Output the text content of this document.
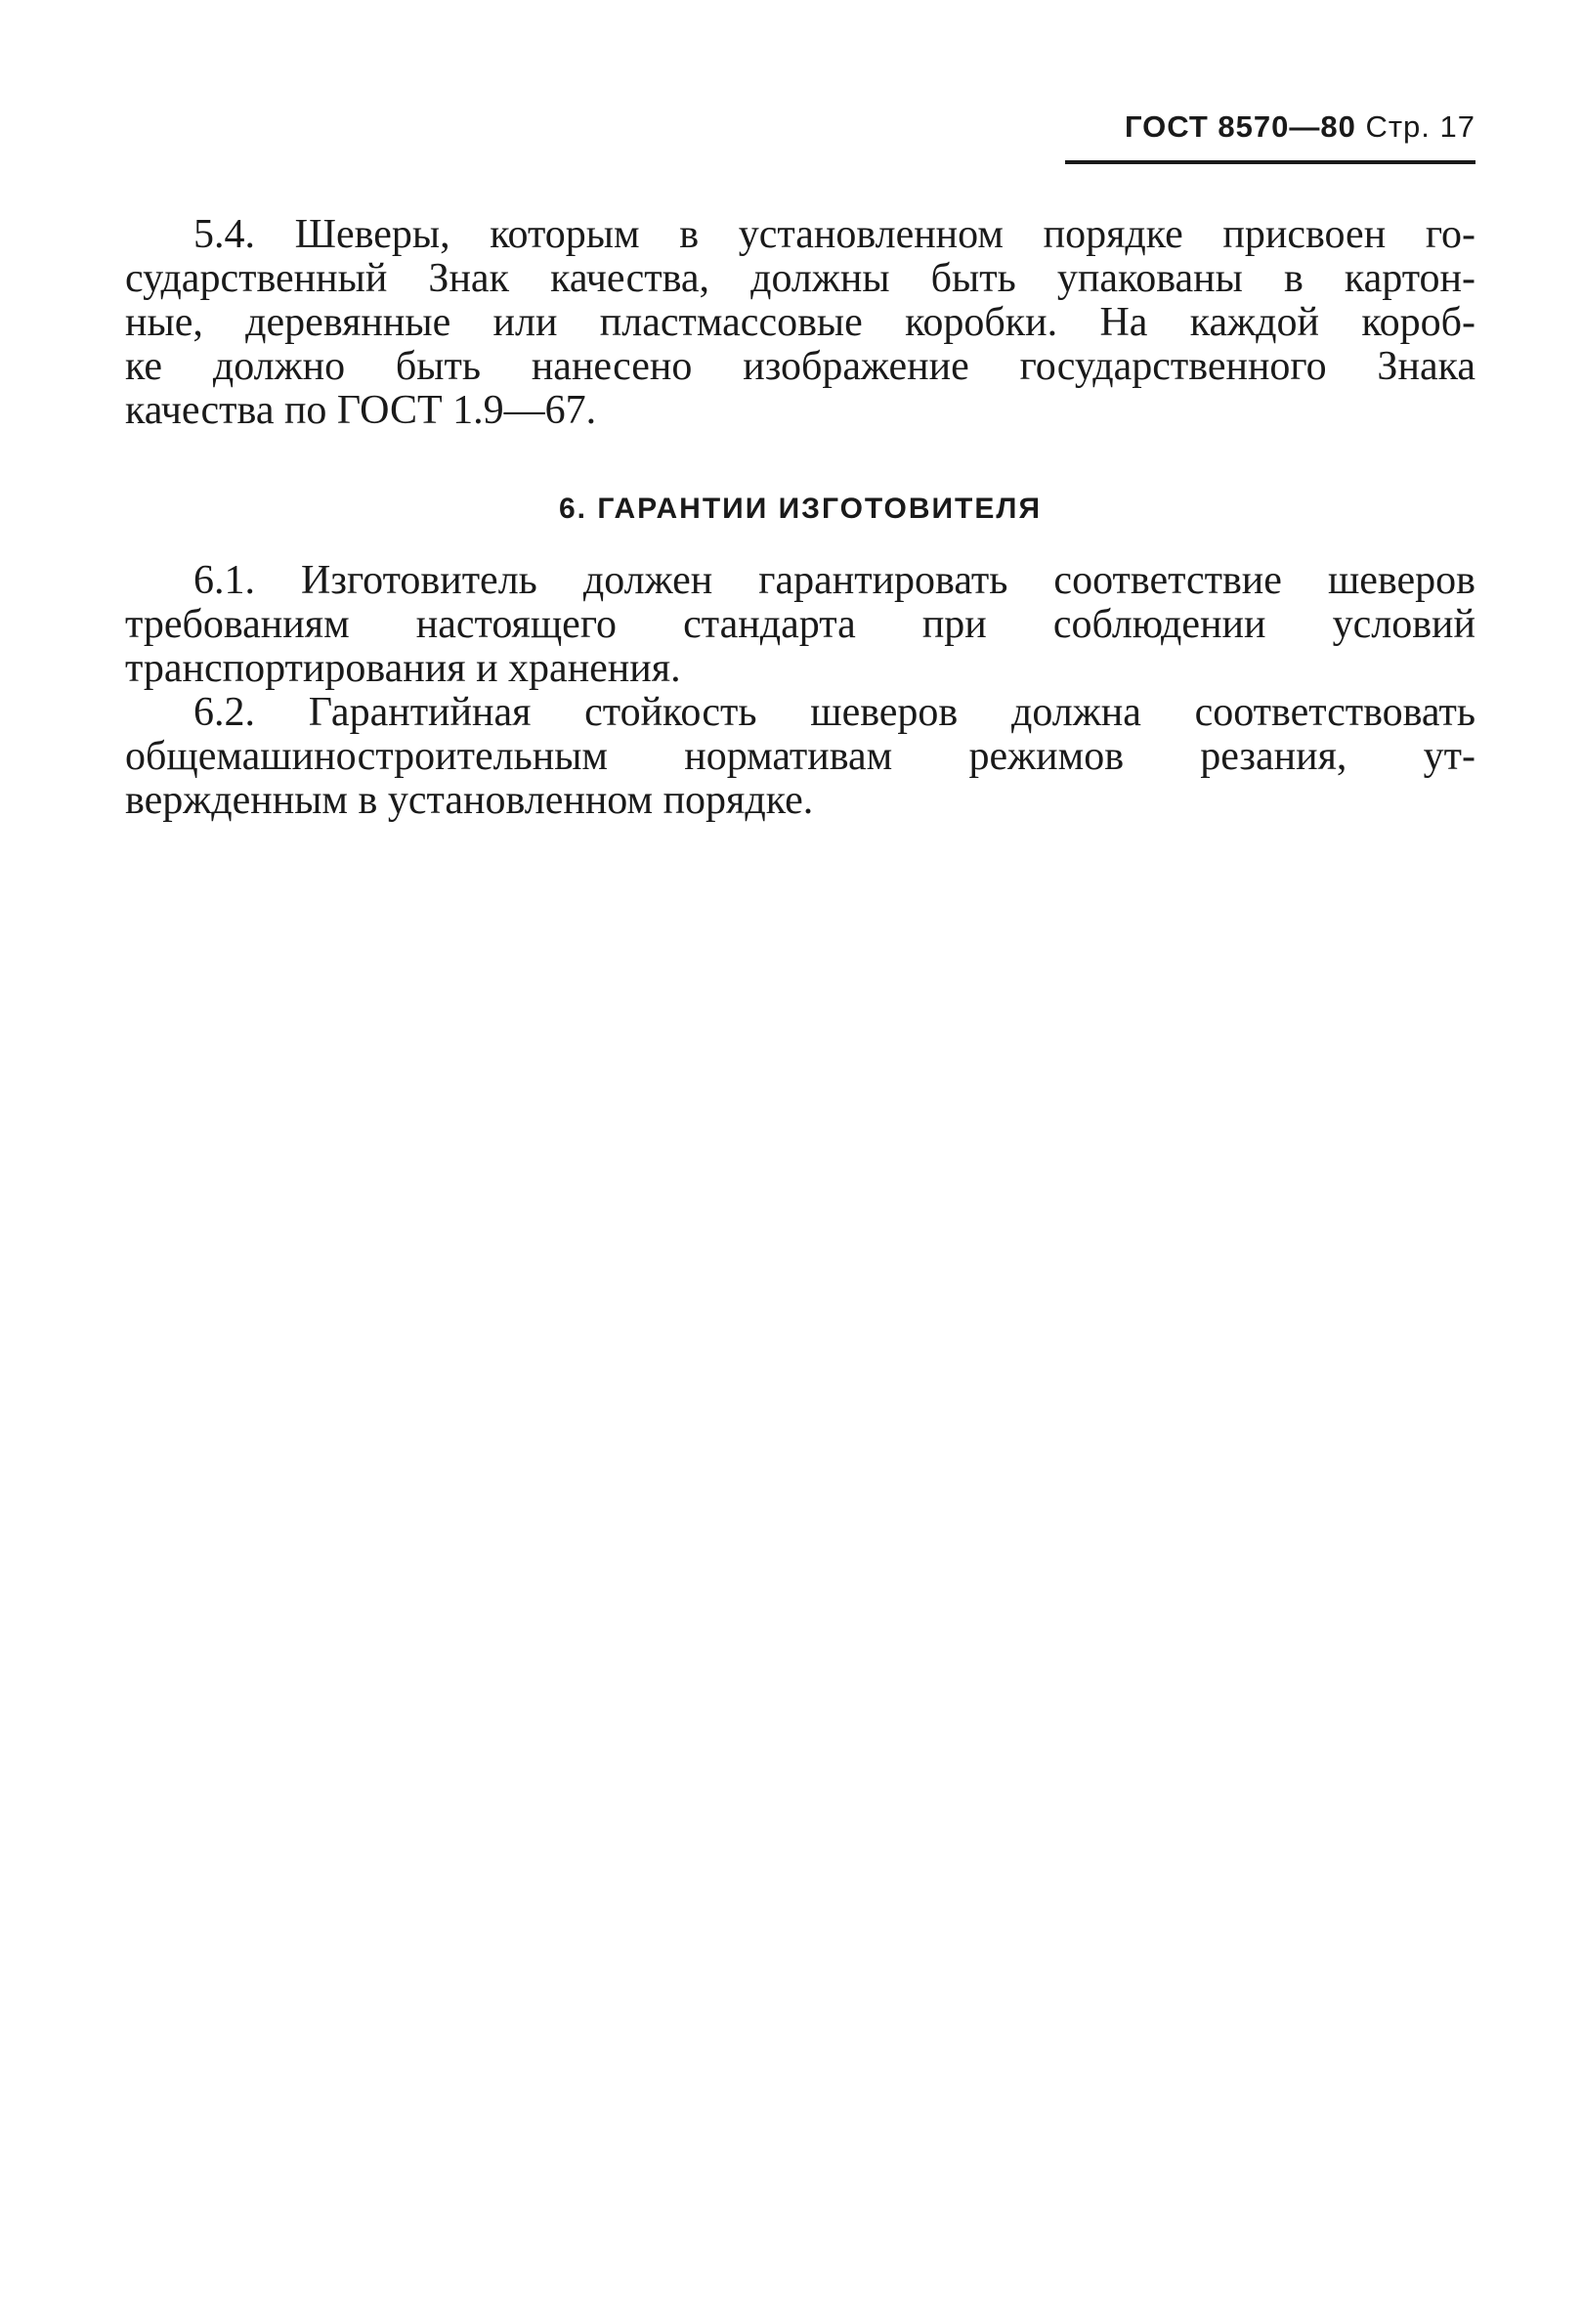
ГОСТ 8570—80 Стр. 17
5.4. Шеверы, которым в установленном порядке присвоен го-
сударственный Знак качества, должны быть упакованы в картон-
ные, деревянные или пластмассовые коробки. На каждой короб-
ке должно быть нанесено изображение государственного Знака
качества по ГОСТ 1.9—67.
6. ГАРАНТИИ ИЗГОТОВИТЕЛЯ
6.1. Изготовитель должен гарантировать соответствие шеверов
требованиям настоящего стандарта при соблюдении условий
транспортирования и хранения.
6.2. Гарантийная стойкость шеверов должна соответствовать
общемашиностроительным нормативам режимов резания, ут-
вержденным в установленном порядке.
